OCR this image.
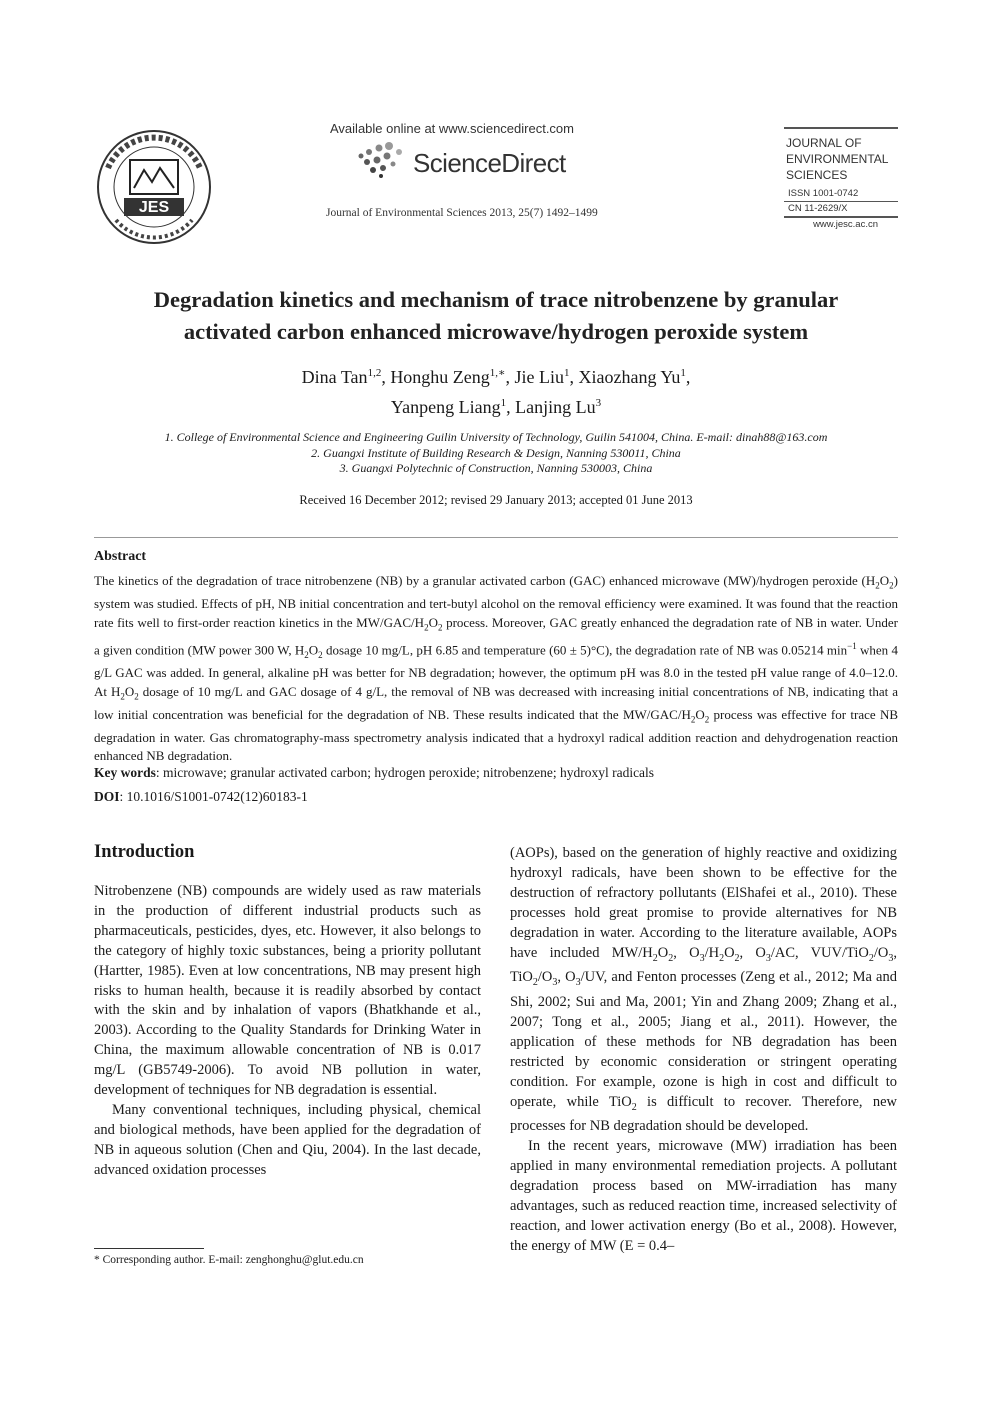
JES
Available online at www.sciencedirect.com
ScienceDirect
Journal of Environmental Sciences 2013, 25(7) 1492–1499
JOURNAL OF
ENVIRONMENTAL
SCIENCES
ISSN 1001-0742
CN 11-2629/X
www.jesc.ac.cn
Degradation kinetics and mechanism of trace nitrobenzene by granular
activated carbon enhanced microwave/hydrogen peroxide system
Dina Tan$^{1,2}$, Honghu Zeng$^{1,∗}$, Jie Liu$^1$, Xiaozhang Yu$^1$,
Yanpeng Liang$^1$, Lanjing Lu$^3$
1. College of Environmental Science and Engineering Guilin University of Technology, Guilin 541004, China. E-mail: dinah88@163.com
2. Guangxi Institute of Building Research & Design, Nanning 530011, China
3. Guangxi Polytechnic of Construction, Nanning 530003, China
Received 16 December 2012; revised 29 January 2013; accepted 01 June 2013
Abstract
The kinetics of the degradation of trace nitrobenzene (NB) by a granular activated carbon (GAC) enhanced microwave (MW)/hydrogen peroxide $(H_2O_2)$ system was studied. Effects of pH, NB initial concentration and tert-butyl alcohol on the removal efficiency were examined. It was found that the reaction rate fits well to first-order reaction kinetics in the $MW/GAC/H_2O_2$ process. Moreover, GAC greatly enhanced the degradation rate of NB in water. Under a given condition (MW power 300 W, $H_2O_2$ dosage 10 mg/L, pH 6.85 and temperature (60 ± 5)°C), the degradation rate of NB was 0.05214 $\min^{-1}$ when 4 g/L GAC was added. In general, alkaline pH was better for NB degradation; however, the optimum pH was 8.0 in the tested pH value range of 4.0–12.0. At $H_2O_2$ dosage of 10 mg/L and GAC dosage of 4 g/L, the removal of NB was decreased with increasing initial concentrations of NB, indicating that a low initial concentration was beneficial for the degradation of NB. These results indicated that the $MW/GAC/H_2O_2$ process was effective for trace NB degradation in water. Gas chromatography-mass spectrometry analysis indicated that a hydroxyl radical addition reaction and dehydrogenation reaction enhanced NB degradation.
Key words: microwave; granular activated carbon; hydrogen peroxide; nitrobenzene; hydroxyl radicals
DOI: 10.1016/S1001-0742(12)60183-1
Introduction

Nitrobenzene (NB) compounds are widely used as raw materials in the production of different industrial products such as pharmaceuticals, pesticides, dyes, etc. However, it also belongs to the category of highly toxic substances, being a priority pollutant (Hartter, 1985). Even at low concentrations, NB may present high risks to human health, because it is readily absorbed by contact with the skin and by inhalation of vapors (Bhatkhande et al., 2003). According to the Quality Standards for Drinking Water in China, the maximum allowable concentration of NB is 0.017 mg/L (GB5749-2006). To avoid NB pollution in water, development of techniques for NB degradation is essential.

Many conventional techniques, including physical, chemical and biological methods, have been applied for the degradation of NB in aqueous solution (Chen and Qiu, 2004). In the last decade, advanced oxidation processes

(AOPs), based on the generation of highly reactive and oxidizing hydroxyl radicals, have been shown to be effective for the destruction of refractory pollutants (ElShafei et al., 2010). These processes hold great promise to provide alternatives for NB degradation in water. According to the literature available, AOPs have included $MW/H_2O_2$, $O_3/H_2O_2$, $O_3/AC$, VUV/$TiO_2/O_3$, $TiO_2/O_3$, $O_3/UV$, and Fenton processes (Zeng et al., 2012; Ma and Shi, 2002; Sui and Ma, 2001; Yin and Zhang 2009; Zhang et al., 2007; Tong et al., 2005; Jiang et al., 2011). However, the application of these methods for NB degradation has been restricted by economic consideration or stringent operating condition. For example, ozone is high in cost and difficult to operate, while TiO$_2$ is difficult to recover. Therefore, new processes for NB degradation should be developed.

In the recent years, microwave (MW) irradiation has been applied in many environmental remediation projects. A pollutant degradation process based on MW-irradiation has many advantages, such as reduced reaction time, increased selectivity of reaction, and lower activation energy (Bo et al., 2008). However, the energy of MW (E = 0.4–

* Corresponding author. E-mail: zenghonghu@glut.edu.cn
